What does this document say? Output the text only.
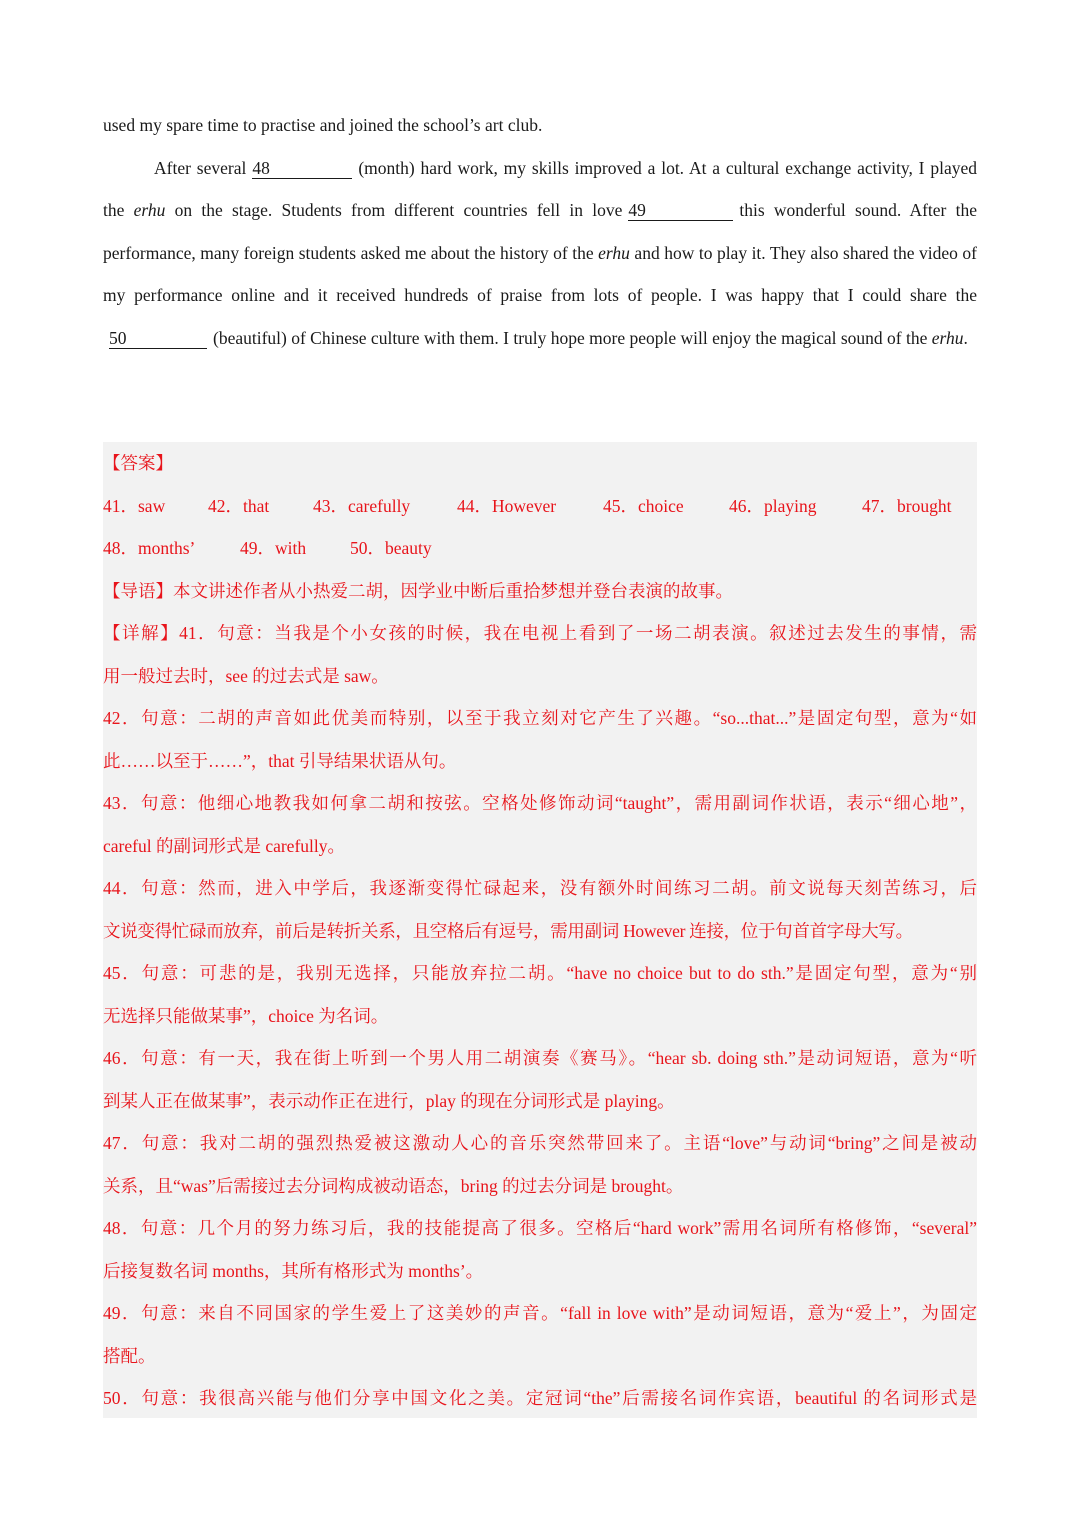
used my spare time to practise and joined the school’s art club.

After several 48	(month) hard work, my skills improved a lot. At a cultural exchange activity, I played the erhu on the stage. Students from different countries fell in love 49	this wonderful sound. After the performance, many foreign students asked me about the history of the erhu and how to play it. They also shared the video of my performance online and it received hundreds of praise from lots of people. I was happy that I could share the50	(beautiful) of Chinese culture with them. I truly hope more people will enjoy the magical sound of the erhu.

【答案】
41．saw 42．that	43．carefully	44．However	45．choice	46．playing	47．brought
48．months’	49．with	50．beauty
【导语】本文讲述作者从小热爱二胡，因学业中断后重拾梦想并登台表演的故事。

【详解】41．句意：当我是个小女孩的时候，我在电视上看到了一场二胡表演。叙述过去发生的事情，需

用一般过去时，see 的过去式是 saw。

42．句意：二胡的声音如此优美而特别，以至于我立刻对它产生了兴趣。“so...that...”是固定句型，意为“如

此……以至于……”，that 引导结果状语从句。

43．句意：他细心地教我如何拿二胡和按弦。空格处修饰动词“taught”，需用副词作状语，表示“细心地”，

careful 的副词形式是 carefully。

44．句意：然而，进入中学后，我逐渐变得忙碌起来，没有额外时间练习二胡。前文说每天刻苦练习，后

文说变得忙碌而放弃，前后是转折关系，且空格后有逗号，需用副词 However 连接，位于句首首字母大写。

45．句意：可悲的是，我别无选择，只能放弃拉二胡。“have no choice but to do sth.”是固定句型，意为“别

无选择只能做某事”，choice 为名词。

46．句意：有一天，我在街上听到一个男人用二胡演奏《赛马》。“hear sb. doing sth.”是动词短语，意为“听

到某人正在做某事”，表示动作正在进行，play 的现在分词形式是 playing。

47．句意：我对二胡的强烈热爱被这激动人心的音乐突然带回来了。主语“love”与动词“bring”之间是被动

关系，且“was”后需接过去分词构成被动语态，bring 的过去分词是 brought。

48．句意：几个月的努力练习后，我的技能提高了很多。空格后“hard work”需用名词所有格修饰，“several”

后接复数名词 months，其所有格形式为 months’。

49．句意：来自不同国家的学生爱上了这美妙的声音。“fall in love with”是动词短语，意为“爱上”，为固定

搭配。

50．句意：我很高兴能与他们分享中国文化之美。定冠词“the”后需接名词作宾语，beautiful 的名词形式是
